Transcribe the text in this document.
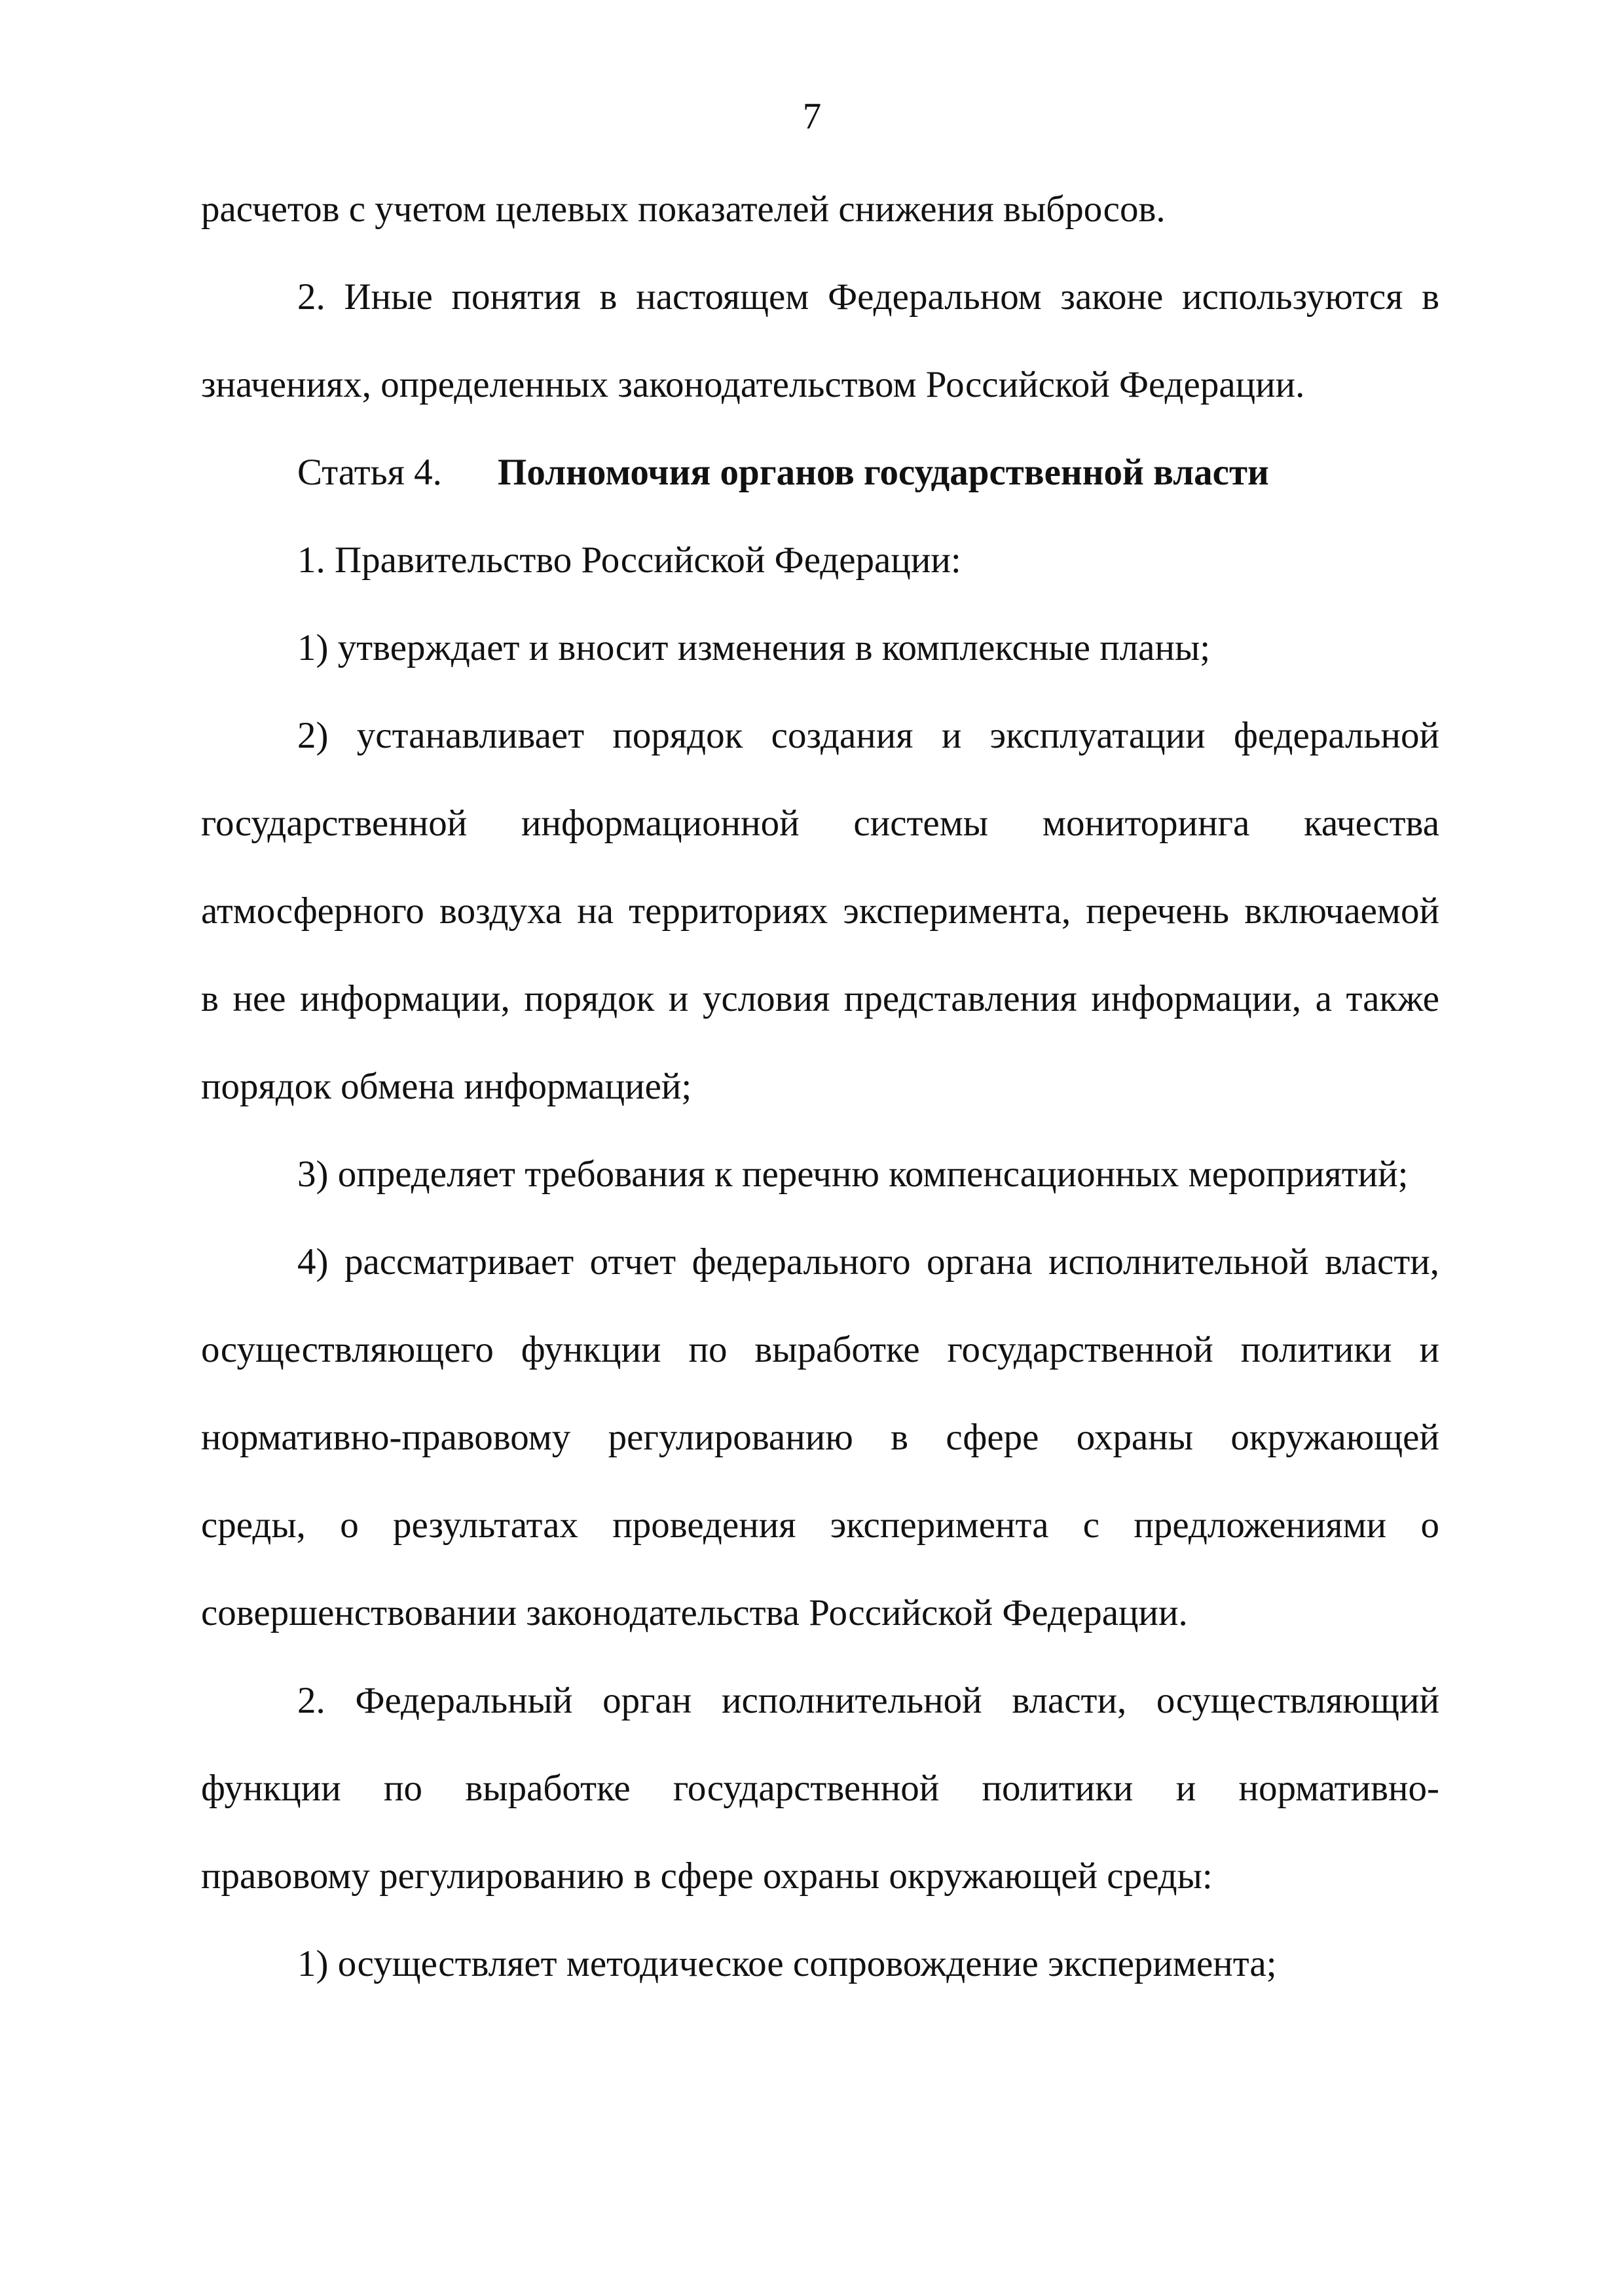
7
расчетов с учетом целевых показателей снижения выбросов.
2. Иные понятия в настоящем Федеральном законе используются в
значениях, определенных законодательством Российской Федерации.
Статья 4. Полномочия органов государственной власти
1. Правительство Российской Федерации:
1) утверждает и вносит изменения в комплексные планы;
2) устанавливает порядок создания и эксплуатации федеральной
государственной информационной системы мониторинга качества
атмосферного воздуха на территориях эксперимента, перечень включаемой
в нее информации, порядок и условия представления информации, а также
порядок обмена информацией;
3) определяет требования к перечню компенсационных мероприятий;
4) рассматривает отчет федерального органа исполнительной власти,
осуществляющего функции по выработке государственной политики и
нормативно-правовому регулированию в сфере охраны окружающей
среды, о результатах проведения эксперимента с предложениями о
совершенствовании законодательства Российской Федерации.
2. Федеральный орган исполнительной власти, осуществляющий
функции по выработке государственной политики и нормативно-
правовому регулированию в сфере охраны окружающей среды:
1) осуществляет методическое сопровождение эксперимента;
